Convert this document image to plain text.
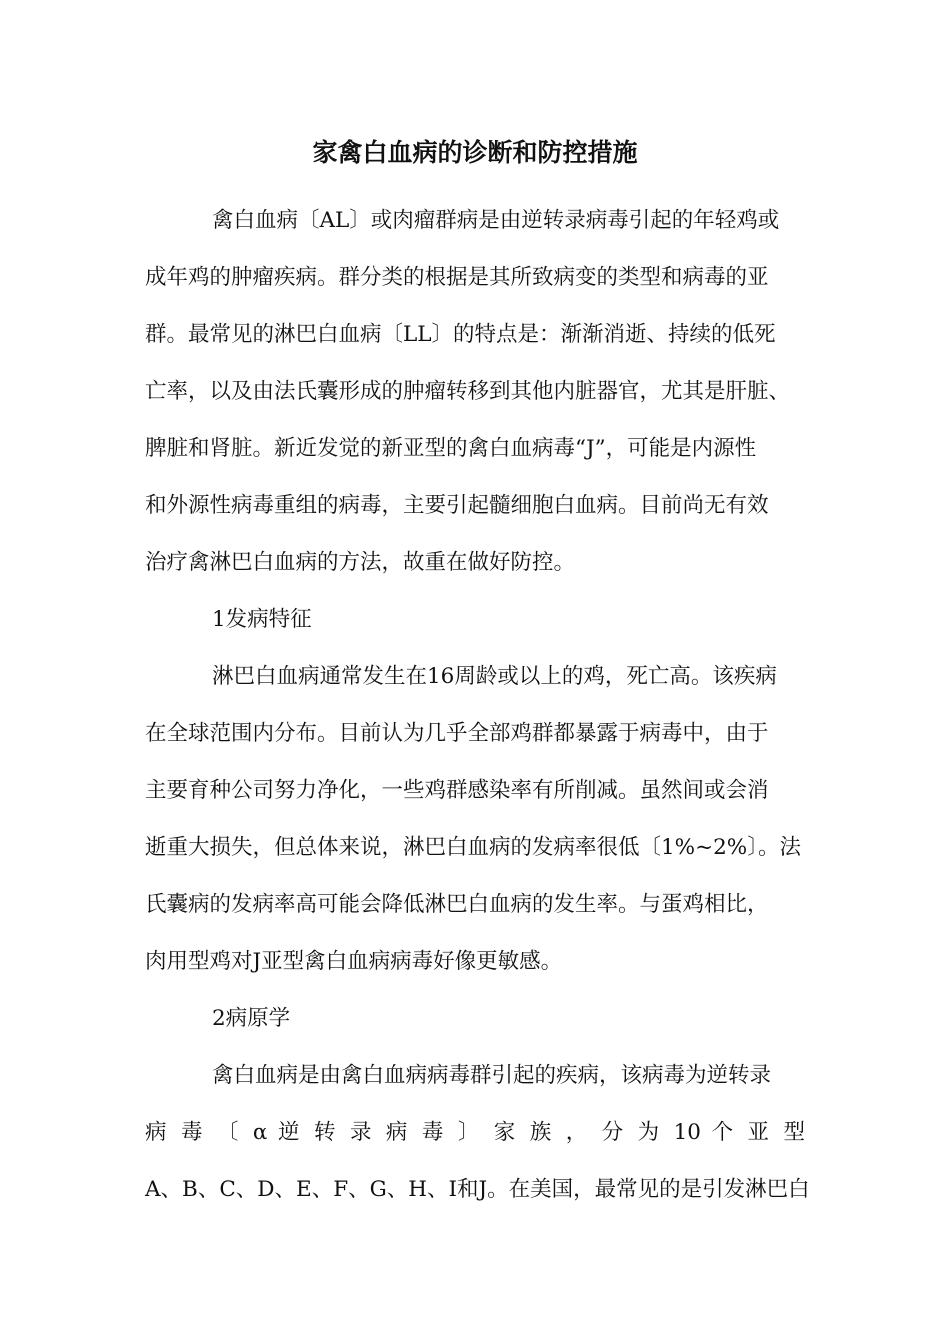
家禽白血病的诊断和防控措施
禽白血病〔AL〕或肉瘤群病是由逆转录病毒引起的年轻鸡或
成年鸡的肿瘤疾病。群分类的根据是其所致病变的类型和病毒的亚
群。最常见的淋巴白血病〔LL〕的特点是：渐渐消逝、持续的低死
亡率，以及由法氏囊形成的肿瘤转移到其他内脏器官，尤其是肝脏、
脾脏和肾脏。新近发觉的新亚型的禽白血病毒“J”，可能是内源性
和外源性病毒重组的病毒，主要引起髓细胞白血病。目前尚无有效
治疗禽淋巴白血病的方法，故重在做好防控。
1发病特征
淋巴白血病通常发生在16周龄或以上的鸡，死亡高。该疾病
在全球范围内分布。目前认为几乎全部鸡群都暴露于病毒中，由于
主要育种公司努力净化，一些鸡群感染率有所削减。虽然间或会消
逝重大损失，但总体来说，淋巴白血病的发病率很低〔1%~2%〕。法
氏囊病的发病率高可能会降低淋巴白血病的发生率。与蛋鸡相比，
肉用型鸡对J亚型禽白血病病毒好像更敏感。
2病原学
禽白血病是由禽白血病病毒群引起的疾病，该病毒为逆转录
病 毒 〔 α 逆 转 录 病 毒 〕 家 族 ， 分 为 10 个 亚 型
A、B、C、D、E、F、G、H、I和J。在美国，最常见的是引发淋巴白
